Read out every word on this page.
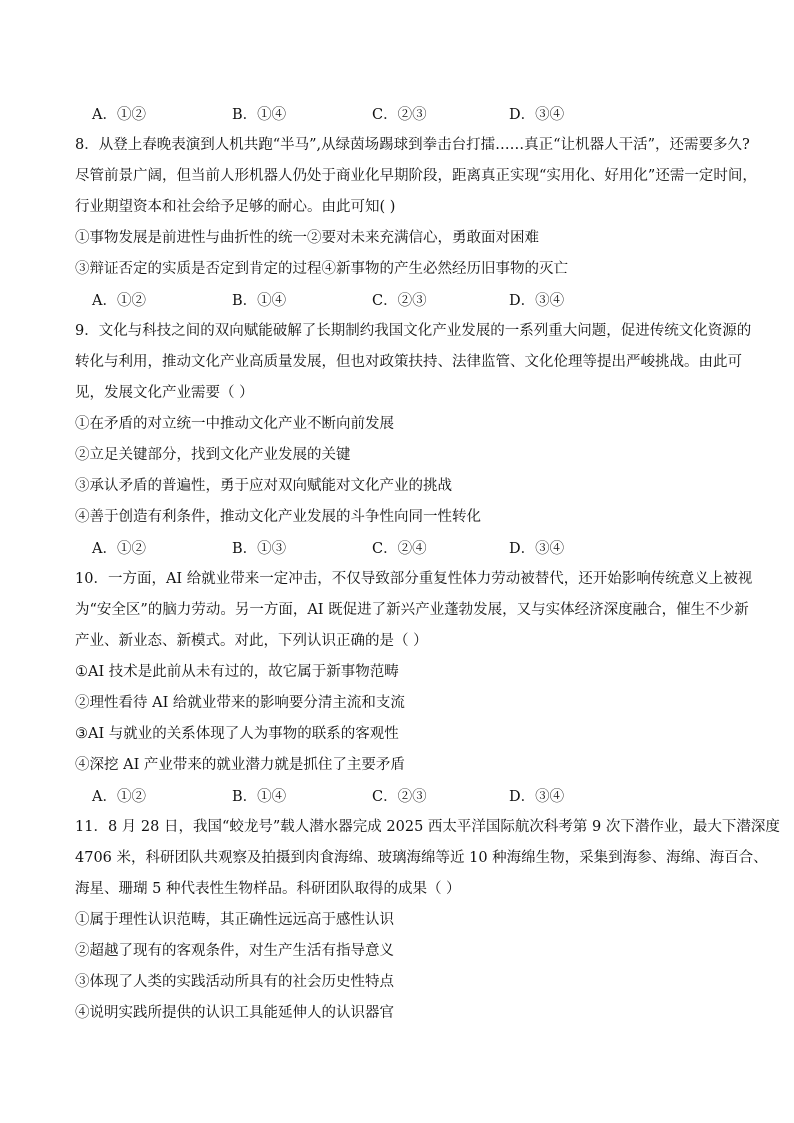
A．①②	B．①④	C．②③	D．③④

8．从登上春晚表演到人机共跑“半马”,从绿茵场踢球到拳击台打擂……真正“让机器人干活”，还需要多久?

尽管前景广阔，但当前人形机器人仍处于商业化早期阶段，距离真正实现“实用化、好用化”还需一定时间，

行业期望资本和社会给予足够的耐心。由此可知( )

①事物发展是前进性与曲折性的统一②要对未来充满信心，勇敢面对困难

③辩证否定的实质是否定到肯定的过程④新事物的产生必然经历旧事物的灭亡

A．①②	B．①④	C．②③	D．③④

9．文化与科技之间的双向赋能破解了长期制约我国文化产业发展的一系列重大问题，促进传统文化资源的

转化与利用，推动文化产业高质量发展，但也对政策扶持、法律监管、文化伦理等提出严峻挑战。由此可

见，发展文化产业需要（ ）

①在矛盾的对立统一中推动文化产业不断向前发展

②立足关键部分，找到文化产业发展的关键

③承认矛盾的普遍性，勇于应对双向赋能对文化产业的挑战

④善于创造有利条件，推动文化产业发展的斗争性向同一性转化

A．①②	B．①③	C．②④	D．③④

10．一方面，AI 给就业带来一定冲击，不仅导致部分重复性体力劳动被替代，还开始影响传统意义上被视

为“安全区”的脑力劳动。另一方面，AI 既促进了新兴产业蓬勃发展，又与实体经济深度融合，催生不少新

产业、新业态、新模式。对此，下列认识正确的是（ ）

①AI 技术是此前从未有过的，故它属于新事物范畴

②理性看待 AI 给就业带来的影响要分清主流和支流

③AI 与就业的关系体现了人为事物的联系的客观性

④深挖 AI 产业带来的就业潜力就是抓住了主要矛盾

A．①②	B．①④	C．②③	D．③④

11．8 月 28 日，我国“蛟龙号”载人潜水器完成 2025 西太平洋国际航次科考第 9 次下潜作业，最大下潜深度

4706 米，科研团队共观察及拍摄到肉食海绵、玻璃海绵等近 10 种海绵生物，采集到海参、海绵、海百合、

海星、珊瑚 5 种代表性生物样品。科研团队取得的成果（ ）

①属于理性认识范畴，其正确性远远高于感性认识

②超越了现有的客观条件，对生产生活有指导意义

③体现了人类的实践活动所具有的社会历史性特点

④说明实践所提供的认识工具能延伸人的认识器官
